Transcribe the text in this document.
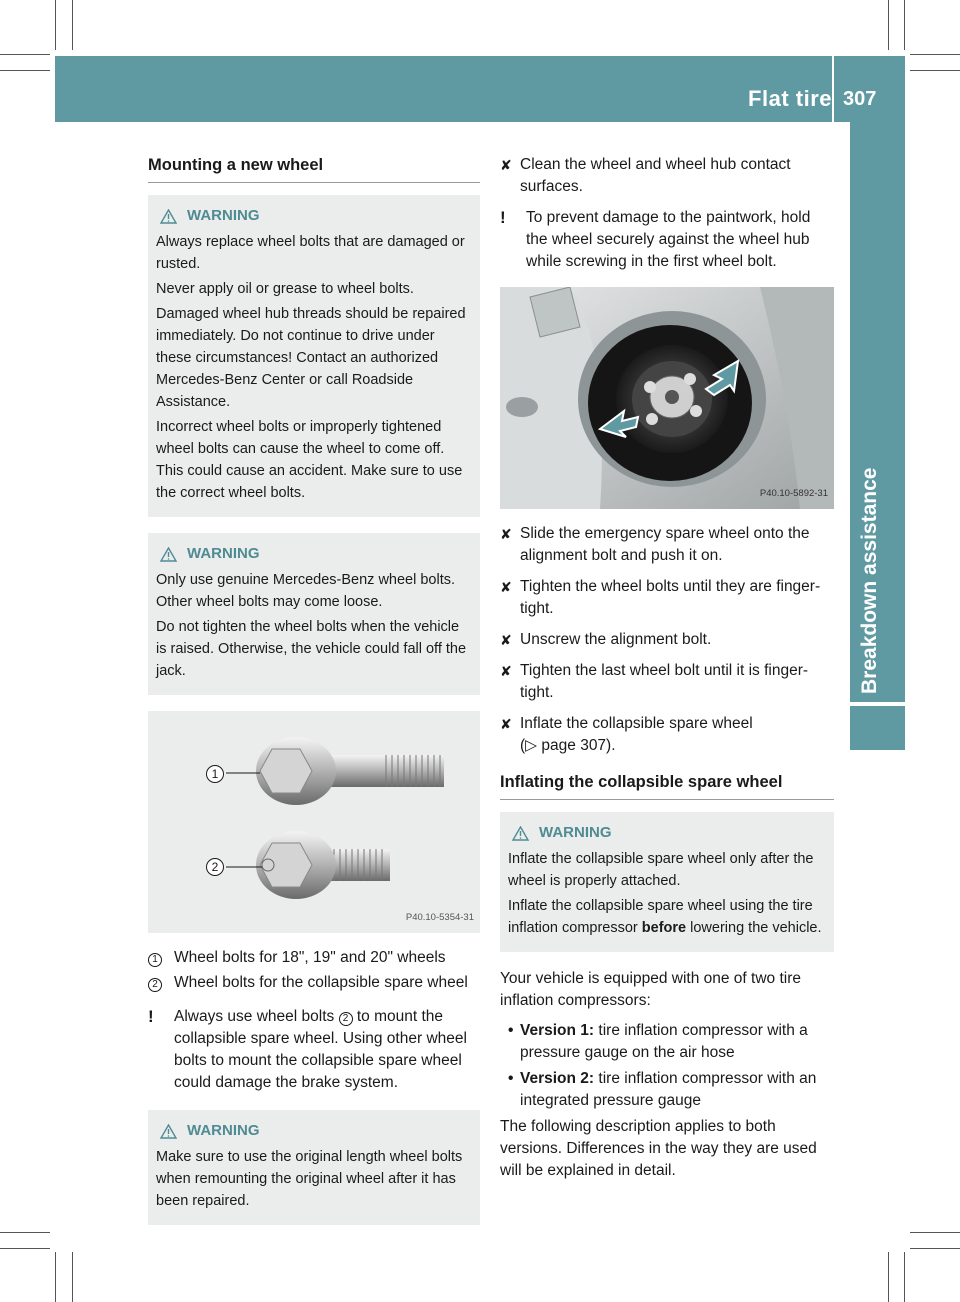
Flat tire 307
Breakdown assistance
Mounting a new wheel
WARNING

Always replace wheel bolts that are damaged or rusted.

Never apply oil or grease to wheel bolts.

Damaged wheel hub threads should be repaired immediately. Do not continue to drive under these circumstances! Contact an authorized Mercedes-Benz Center or call Roadside Assistance.

Incorrect wheel bolts or improperly tightened wheel bolts can cause the wheel to come off. This could cause an accident. Make sure to use the correct wheel bolts.

WARNING

Only use genuine Mercedes-Benz wheel bolts. Other wheel bolts may come loose.

Do not tighten the wheel bolts when the vehicle is raised. Otherwise, the vehicle could fall off the jack.

1
2
P40.10-5354-31
1	Wheel bolts for 18", 19" and 20" wheels
2	Wheel bolts for the collapsible spare wheel
!	Always use wheel bolts 2 to mount the collapsible spare wheel. Using other wheel bolts to mount the collapsible spare wheel could damage the brake system.
WARNING

Make sure to use the original length wheel bolts when remounting the original wheel after it has been repaired.

✘ Clean the wheel and wheel hub contact surfaces.
!	To prevent damage to the paintwork, hold the wheel securely against the wheel hub while screwing in the first wheel bolt.
P40.10-5892-31
✘ Slide the emergency spare wheel onto the alignment bolt and push it on.
✘ Tighten the wheel bolts until they are finger-tight.
✘ Unscrew the alignment bolt.
✘ Tighten the last wheel bolt until it is finger-tight.
✘ Inflate the collapsible spare wheel
(▷ page 307).
Inflating the collapsible spare wheel
WARNING

Inflate the collapsible spare wheel only after the wheel is properly attached.

Inflate the collapsible spare wheel using the tire inflation compressor before lowering the vehicle.

Your vehicle is equipped with one of two tire inflation compressors:
• Version 1: tire inflation compressor with a pressure gauge on the air hose
• Version 2: tire inflation compressor with an integrated pressure gauge
The following description applies to both versions. Differences in the way they are used will be explained in detail.
